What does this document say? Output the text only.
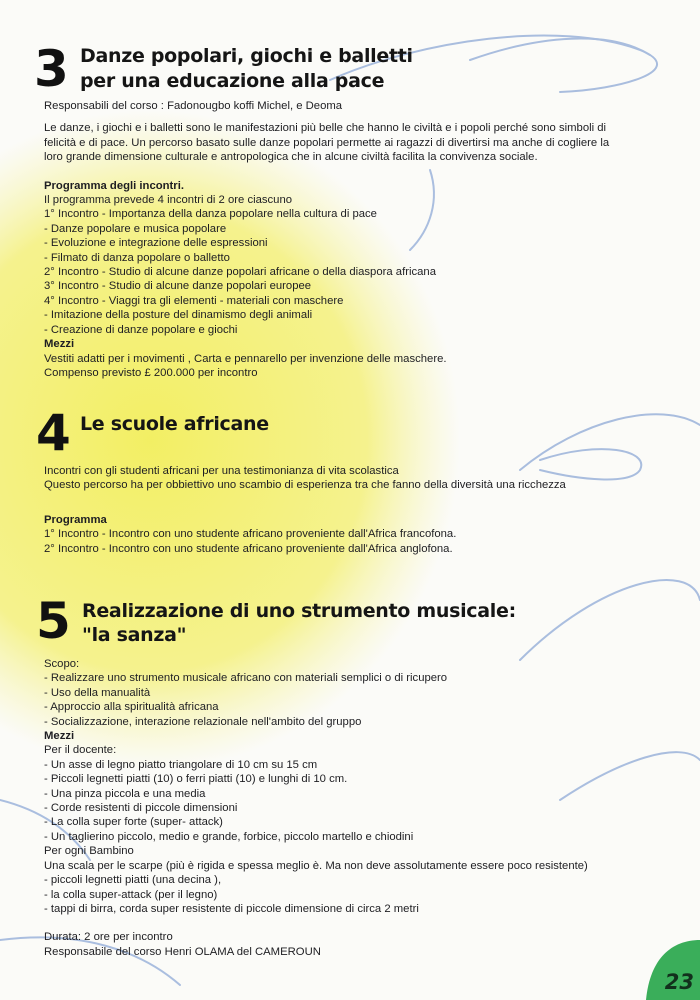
3 Danze popolari, giochi e balletti
per una educazione alla pace
Responsabili del corso : Fadonougbo koffi Michel, e Deoma
Le danze, i giochi e i balletti sono le manifestazioni più belle che hanno le civiltà e i popoli perché sono simboli di
felicità e di pace. Un percorso basato sulle danze popolari permette ai ragazzi di divertirsi ma anche di cogliere la
loro grande dimensione culturale e antropologica che in alcune civiltà facilita la convivenza sociale.
Programma degli incontri.
Il programma prevede 4 incontri di 2 ore ciascuno
1° Incontro - Importanza della danza popolare nella cultura di pace
- Danze popolare e musica popolare
- Evoluzione e integrazione delle espressioni
- Filmato di danza popolare o balletto
2° Incontro - Studio di alcune danze popolari africane o della diaspora africana
3° Incontro - Studio di alcune danze popolari europee
4° Incontro - Viaggi tra gli elementi - materiali con maschere
- Imitazione della posture del dinamismo degli animali
- Creazione di danze popolare e giochi
Mezzi
Vestiti adatti per i movimenti , Carta e pennarello per invenzione delle maschere.
Compenso previsto £ 200.000 per incontro
4 Le scuole africane
Incontri con gli studenti africani per una testimonianza di vita scolastica
Questo percorso ha per obbiettivo uno scambio di esperienza tra che fanno della diversità una ricchezza
Programma
1° Incontro - Incontro con uno studente africano proveniente dall'Africa francofona.
2° Incontro - Incontro con uno studente africano proveniente dall'Africa anglofona.
5 Realizzazione di uno strumento musicale:
"la sanza"
Scopo:
- Realizzare uno strumento musicale africano con materiali semplici o di ricupero
- Uso della manualità
- Approccio alla spiritualità africana
- Socializzazione, interazione relazionale nell'ambito del gruppo
Mezzi
Per il docente:
- Un asse di legno piatto triangolare di 10 cm su 15 cm
- Piccoli legnetti piatti (10) o ferri piatti (10) e lunghi di 10 cm.
- Una pinza piccola e una media
- Corde resistenti di piccole dimensioni
- La colla super forte (super- attack)
- Un taglierino piccolo, medio e grande, forbice, piccolo martello e chiodini
Per ogni Bambino
Una scala per le scarpe (più è rigida e spessa meglio è. Ma non deve assolutamente essere poco resistente)
- piccoli legnetti piatti (una decina ),
- la colla super-attack (per il legno)
- tappi di birra, corda super resistente di piccole dimensione di circa 2 metri
Durata: 2 ore per incontro
Responsabile del corso Henri OLAMA del CAMEROUN
23
